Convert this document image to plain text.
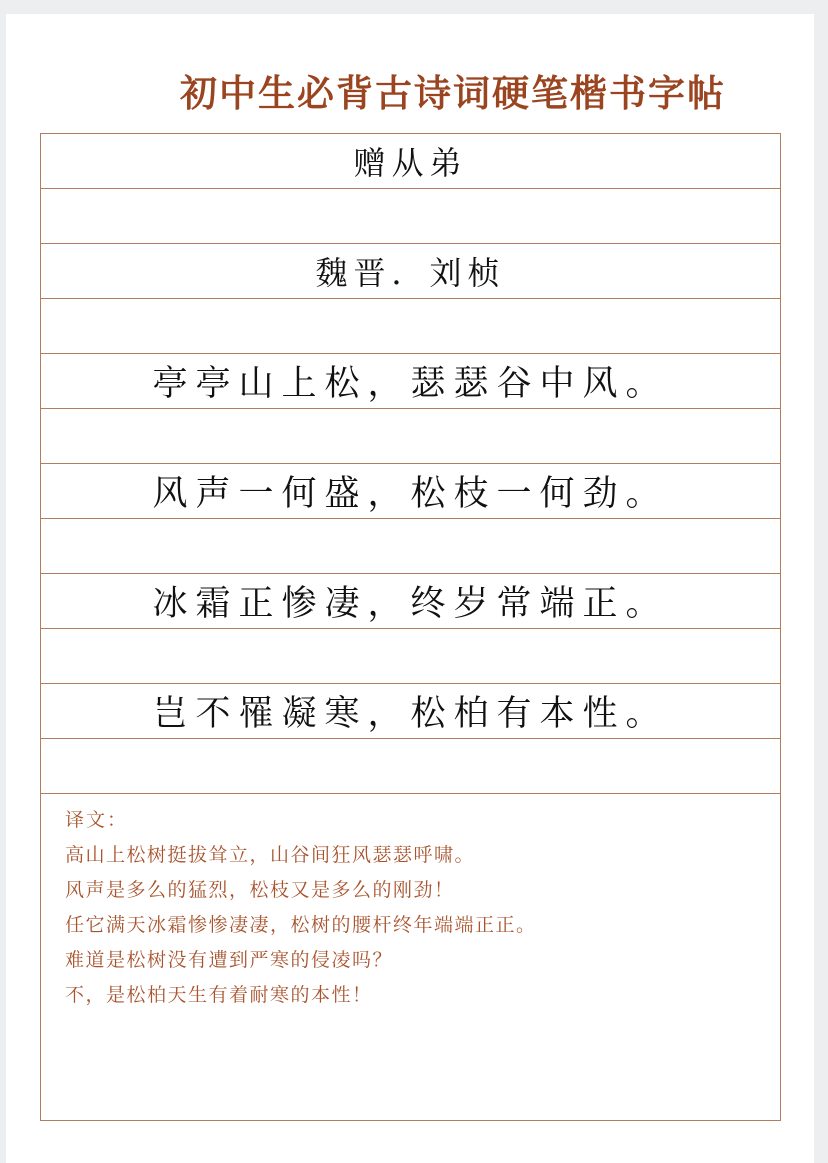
初中生必背古诗词硬笔楷书字帖
赠从弟
魏晋．刘桢
亭亭山上松，瑟瑟谷中风。
风声一何盛，松枝一何劲。
冰霜正惨凄，终岁常端正。
岂不罹凝寒，松柏有本性。
译文：
高山上松树挺拔耸立，山谷间狂风瑟瑟呼啸。
风声是多么的猛烈，松枝又是多么的刚劲！
任它满天冰霜惨惨凄凄，松树的腰杆终年端端正正。
难道是松树没有遭到严寒的侵凌吗？
不，是松柏天生有着耐寒的本性！
